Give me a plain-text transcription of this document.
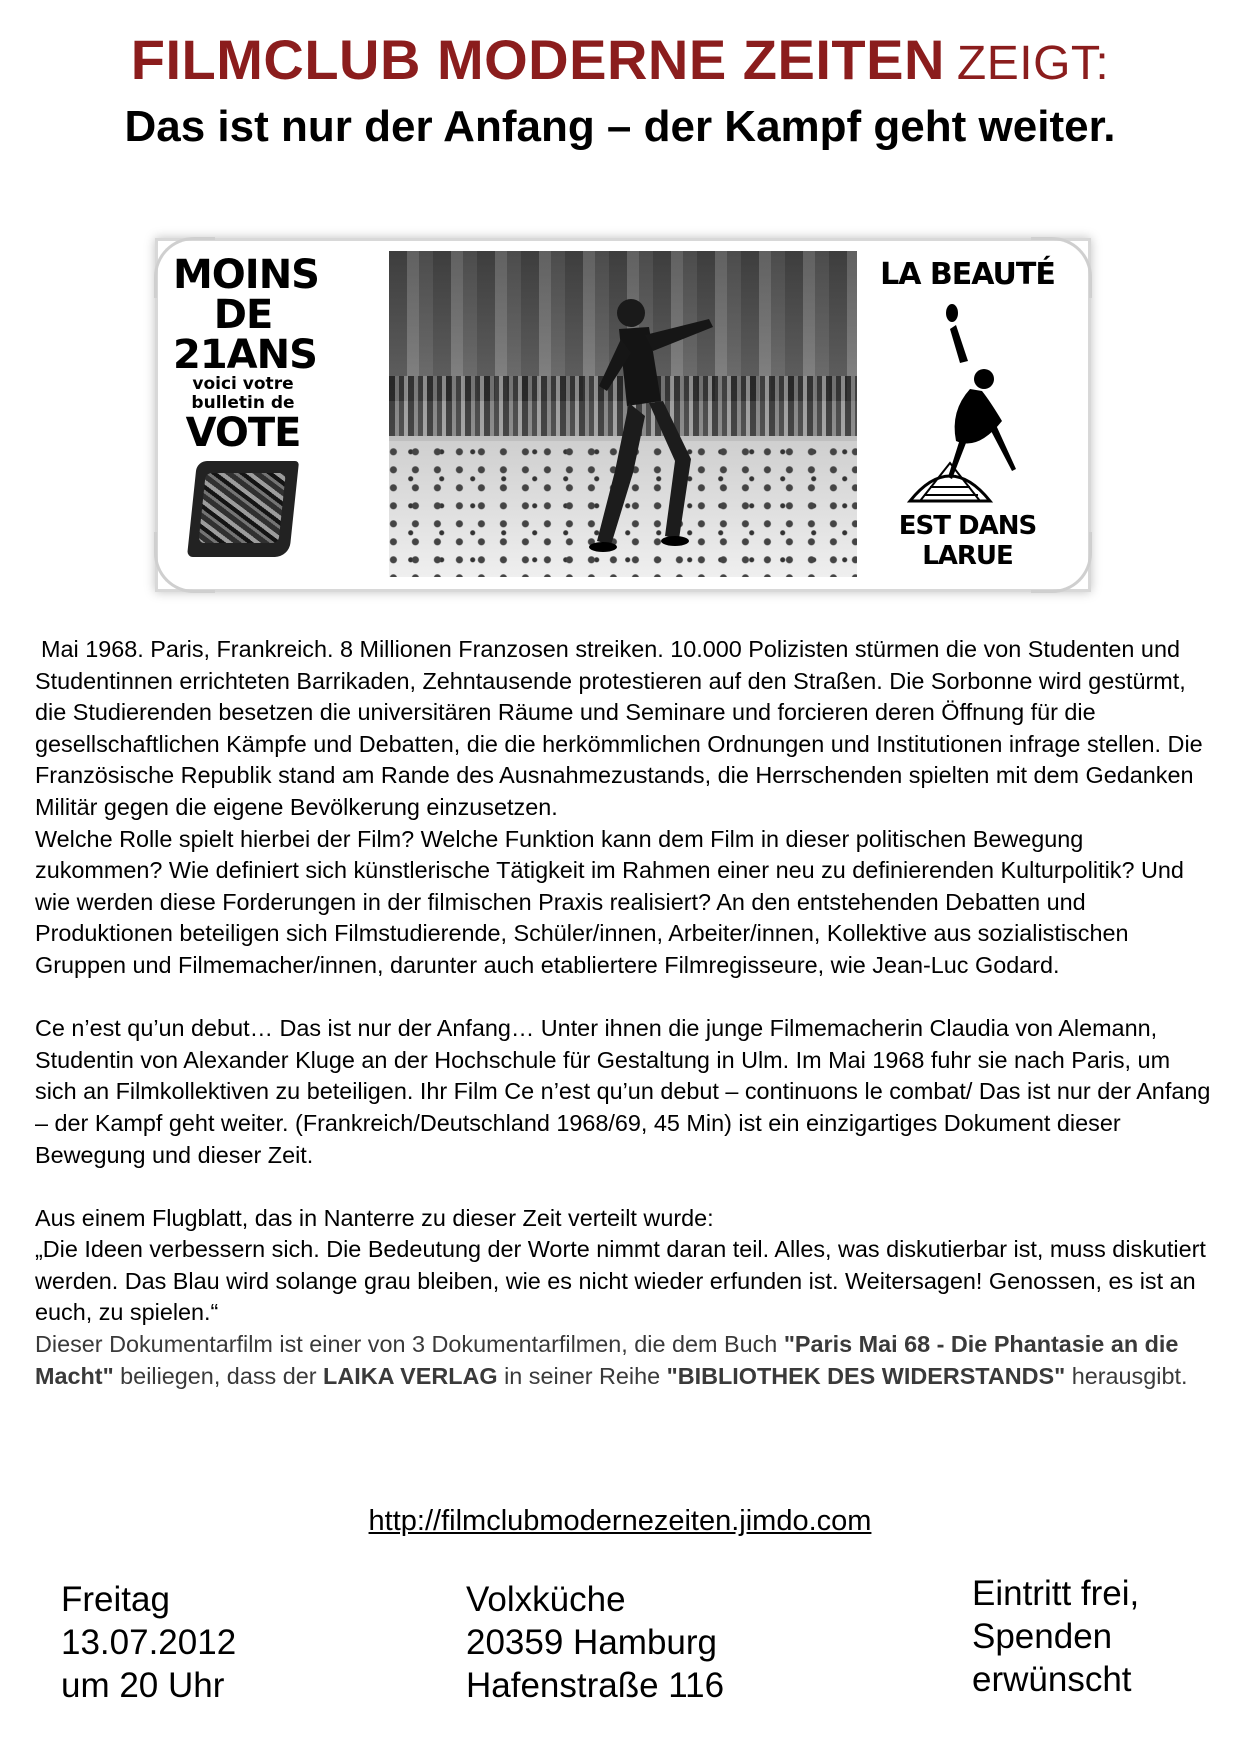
FILMCLUB MODERNE ZEITEN ZEIGT:
Das ist nur der Anfang – der Kampf geht weiter.
MOINS
DE
21ANS
voici votre
bulletin de
VOTE
LA BEAUTÉ
EST DANS LARUE

Mai 1968. Paris, Frankreich. 8 Millionen Franzosen streiken. 10.000 Polizisten stürmen die von Studenten und Studentinnen errichteten Barrikaden, Zehntausende protestieren auf den Straßen. Die Sorbonne wird gestürmt, die Studierenden besetzen die universitären Räume und Seminare und forcieren deren Öffnung für die gesellschaftlichen Kämpfe und Debatten, die die herkömmlichen Ordnungen und Institutionen infrage stellen. Die Französische Republik stand am Rande des Ausnahmezustands, die Herrschenden spielten mit dem Gedanken Militär gegen die eigene Bevölkerung einzusetzen.

Welche Rolle spielt hierbei der Film? Welche Funktion kann dem Film in dieser politischen Bewegung zukommen? Wie definiert sich künstlerische Tätigkeit im Rahmen einer neu zu definierenden Kulturpolitik? Und wie werden diese Forderungen in der filmischen Praxis realisiert? An den entstehenden Debatten und Produktionen beteiligen sich Filmstudierende, Schüler/innen, Arbeiter/innen, Kollektive aus sozialistischen Gruppen und Filmemacher/innen, darunter auch etabliertere Filmregisseure, wie Jean-Luc Godard.

Ce n’est qu’un debut… Das ist nur der Anfang… Unter ihnen die junge Filmemacherin Claudia von Alemann, Studentin von Alexander Kluge an der Hochschule für Gestaltung in Ulm. Im Mai 1968 fuhr sie nach Paris, um sich an Filmkollektiven zu beteiligen. Ihr Film Ce n’est qu’un debut – continuons le combat/ Das ist nur der Anfang – der Kampf geht weiter. (Frankreich/Deutschland 1968/69, 45 Min) ist ein einzigartiges Dokument dieser Bewegung und dieser Zeit.

Aus einem Flugblatt, das in Nanterre zu dieser Zeit verteilt wurde:

„Die Ideen verbessern sich. Die Bedeutung der Worte nimmt daran teil. Alles, was diskutierbar ist, muss diskutiert werden. Das Blau wird solange grau bleiben, wie es nicht wieder erfunden ist. Weitersagen! Genossen, es ist an euch, zu spielen.“

Dieser Dokumentarfilm ist einer von 3 Dokumentarfilmen, die dem Buch "Paris Mai 68 - Die Phantasie an die Macht" beiliegen, dass der LAIKA VERLAG in seiner Reihe "BIBLIOTHEK DES WIDERSTANDS" herausgibt.

http://filmclubmodernezeiten.jimdo.com
Freitag
13.07.2012
um 20 Uhr
Volxküche
20359 Hamburg
Hafenstraße 116
Eintritt frei,
Spenden
erwünscht
